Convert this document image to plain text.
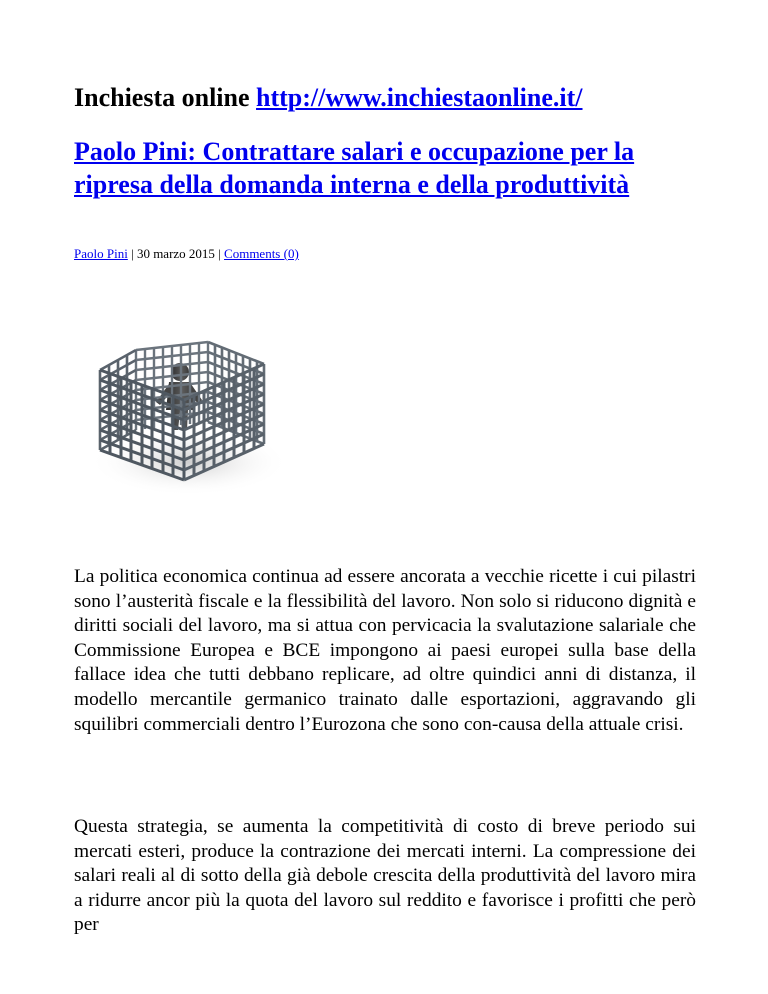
Inchiesta online http://www.inchiestaonline.it/
Paolo Pini: Contrattare salari e occupazione per la ripresa della domanda interna e della produttività
Paolo Pini | 30 marzo 2015 | Comments (0)

La politica economica continua ad essere ancorata a vecchie ricette i cui pilastri sono l’austerità fiscale e la flessibilità del lavoro. Non solo si riducono dignità e diritti sociali del lavoro, ma si attua con pervicacia la svalutazione salariale che Commissione Europea e BCE impongono ai paesi europei sulla base della fallace idea che tutti debbano replicare, ad oltre quindici anni di distanza, il modello mercantile germanico trainato dalle esportazioni, aggravando gli squilibri commerciali dentro l’Eurozona che sono con-causa della attuale crisi.

Questa strategia, se aumenta la competitività di costo di breve periodo sui mercati esteri, produce la contrazione dei mercati interni. La compressione dei salari reali al di sotto della già debole crescita della produttività del lavoro mira a ridurre ancor più la quota del lavoro sul reddito e favorisce i profitti che però per
